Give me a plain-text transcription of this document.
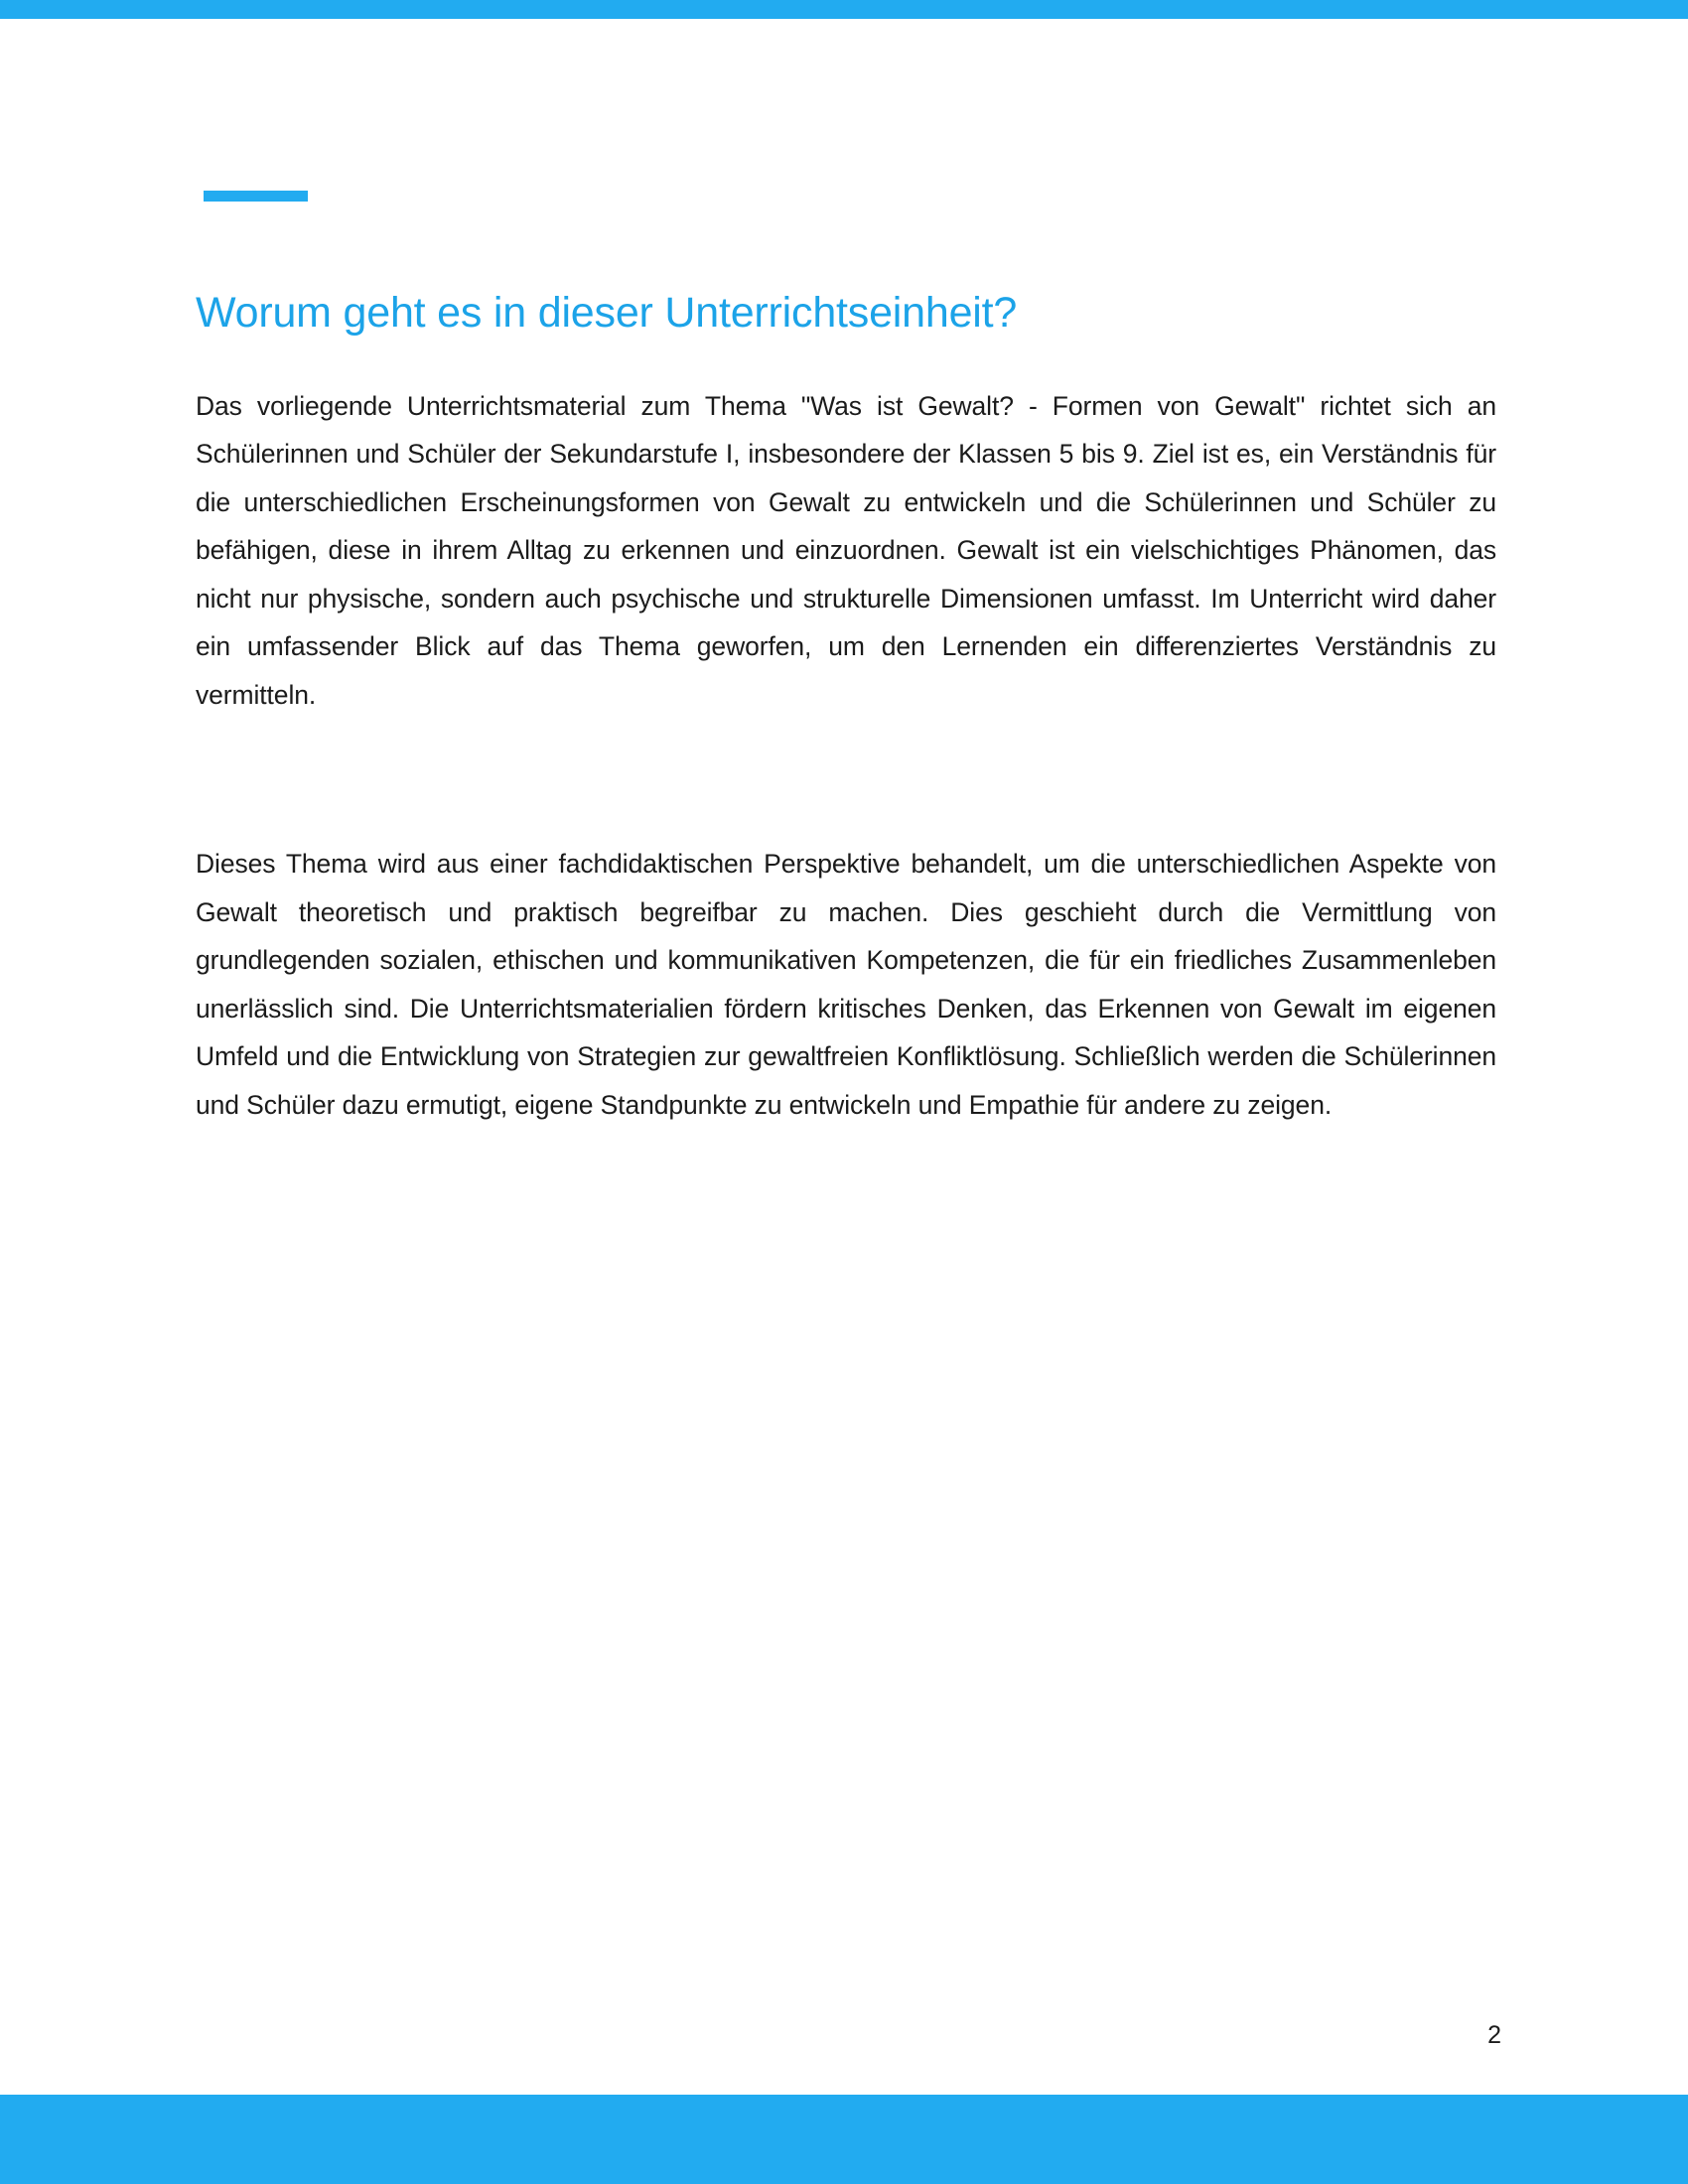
Worum geht es in dieser Unterrichtseinheit?

Das vorliegende Unterrichtsmaterial zum Thema "Was ist Gewalt? - Formen von Gewalt" richtet sich an Schülerinnen und Schüler der Sekundarstufe I, insbesondere der Klassen 5 bis 9. Ziel ist es, ein Verständnis für die unterschiedlichen Erscheinungsformen von Gewalt zu entwickeln und die Schülerinnen und Schüler zu befähigen, diese in ihrem Alltag zu erkennen und einzuordnen. Gewalt ist ein vielschichtiges Phänomen, das nicht nur physische, sondern auch psychische und strukturelle Dimensionen umfasst. Im Unterricht wird daher ein umfassender Blick auf das Thema geworfen, um den Lernenden ein differenziertes Verständnis zu vermitteln.

Dieses Thema wird aus einer fachdidaktischen Perspektive behandelt, um die unterschiedlichen Aspekte von Gewalt theoretisch und praktisch begreifbar zu machen. Dies geschieht durch die Vermittlung von grundlegenden sozialen, ethischen und kommunikativen Kompetenzen, die für ein friedliches Zusammenleben unerlässlich sind. Die Unterrichtsmaterialien fördern kritisches Denken, das Erkennen von Gewalt im eigenen Umfeld und die Entwicklung von Strategien zur gewaltfreien Konfliktlösung. Schließlich werden die Schülerinnen und Schüler dazu ermutigt, eigene Standpunkte zu entwickeln und Empathie für andere zu zeigen.

2
